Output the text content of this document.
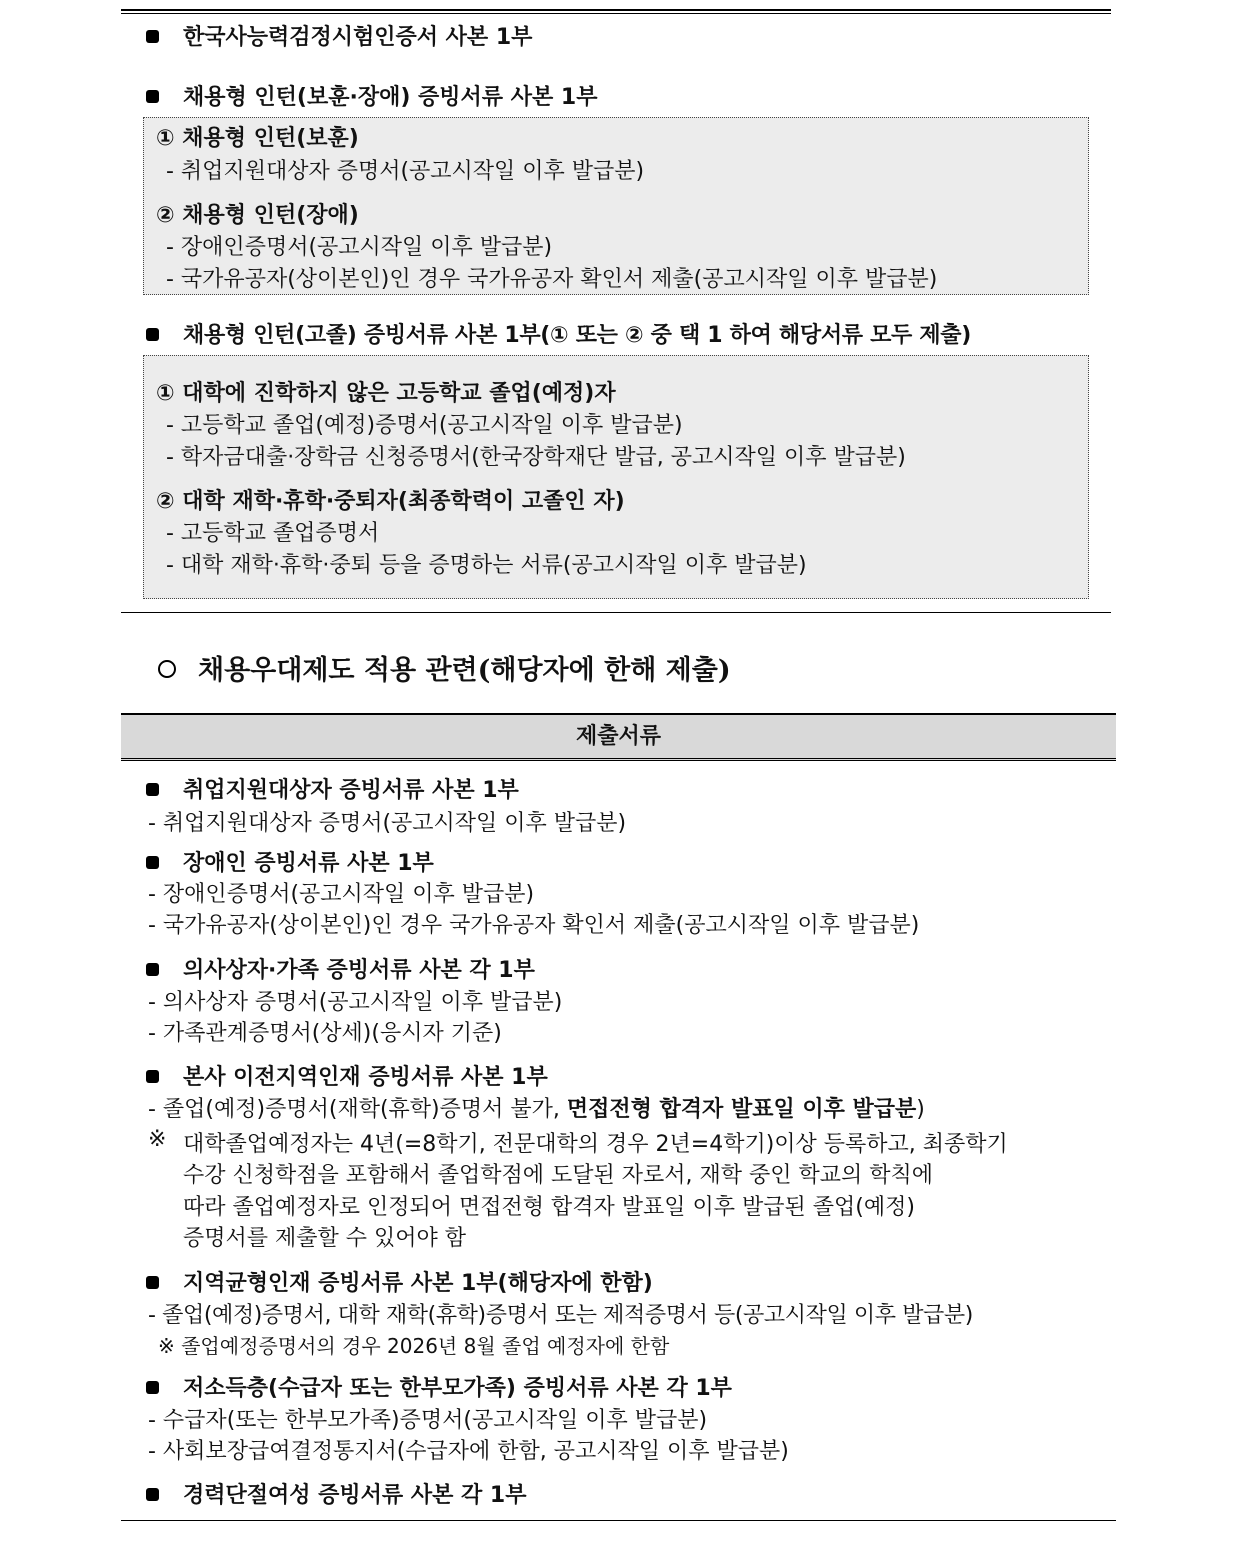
한국사능력검정시험인증서 사본 1부
채용형 인턴(보훈·장애) 증빙서류 사본 1부
① 채용형 인턴(보훈)
- 취업지원대상자 증명서(공고시작일 이후 발급분)
② 채용형 인턴(장애)
- 장애인증명서(공고시작일 이후 발급분)
- 국가유공자(상이본인)인 경우 국가유공자 확인서 제출(공고시작일 이후 발급분)
채용형 인턴(고졸) 증빙서류 사본 1부(① 또는 ② 중 택 1 하여 해당서류 모두 제출)
① 대학에 진학하지 않은 고등학교 졸업(예정)자
- 고등학교 졸업(예정)증명서(공고시작일 이후 발급분)
- 학자금대출·장학금 신청증명서(한국장학재단 발급, 공고시작일 이후 발급분)
② 대학 재학·휴학·중퇴자(최종학력이 고졸인 자)
- 고등학교 졸업증명서
- 대학 재학·휴학·중퇴 등을 증명하는 서류(공고시작일 이후 발급분)
채용우대제도 적용 관련(해당자에 한해 제출)
제출서류
취업지원대상자 증빙서류 사본 1부
- 취업지원대상자 증명서(공고시작일 이후 발급분)
장애인 증빙서류 사본 1부
- 장애인증명서(공고시작일 이후 발급분)
- 국가유공자(상이본인)인 경우 국가유공자 확인서 제출(공고시작일 이후 발급분)
의사상자·가족 증빙서류 사본 각 1부
- 의사상자 증명서(공고시작일 이후 발급분)
- 가족관계증명서(상세)(응시자 기준)
본사 이전지역인재 증빙서류 사본 1부
- 졸업(예정)증명서(재학(휴학)증명서 불가, 면접전형 합격자 발표일 이후 발급분)
※ 대학졸업예정자는 4년(=8학기, 전문대학의 경우 2년=4학기)이상 등록하고, 최종학기
수강 신청학점을 포함해서 졸업학점에 도달된 자로서, 재학 중인 학교의 학칙에
따라 졸업예정자로 인정되어 면접전형 합격자 발표일 이후 발급된 졸업(예정)
증명서를 제출할 수 있어야 함
지역균형인재 증빙서류 사본 1부(해당자에 한함)
- 졸업(예정)증명서, 대학 재학(휴학)증명서 또는 제적증명서 등(공고시작일 이후 발급분)
※ 졸업예정증명서의 경우 2026년 8월 졸업 예정자에 한함
저소득층(수급자 또는 한부모가족) 증빙서류 사본 각 1부
- 수급자(또는 한부모가족)증명서(공고시작일 이후 발급분)
- 사회보장급여결정통지서(수급자에 한함, 공고시작일 이후 발급분)
경력단절여성 증빙서류 사본 각 1부
